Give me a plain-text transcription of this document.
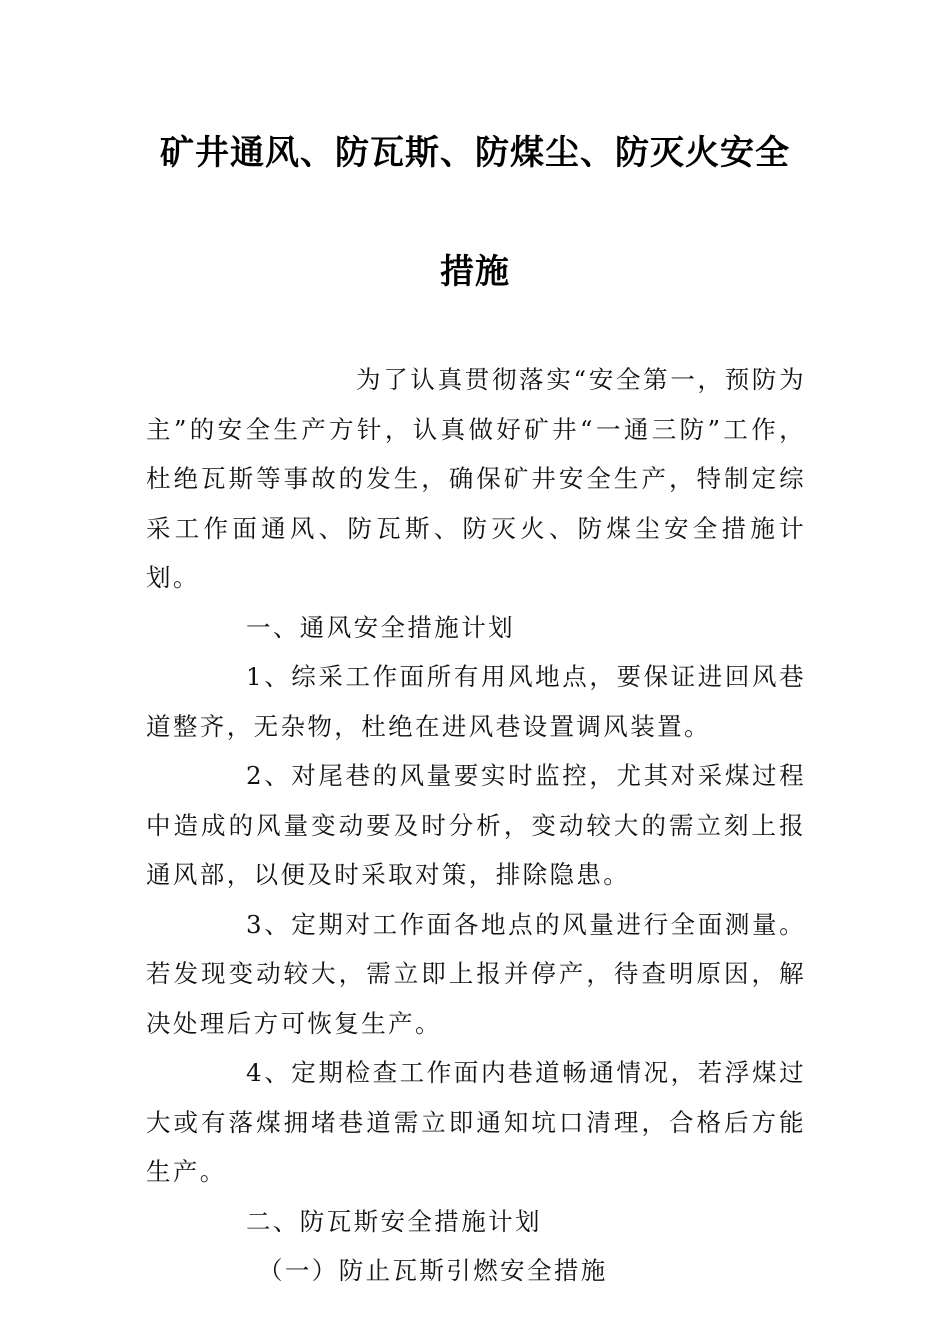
矿井通风、防瓦斯、防煤尘、防灭火安全
措施

为了认真贯彻落实“安全第一，预防为主”的安全生产方针，认真做好矿井“一通三防”工作，杜绝瓦斯等事故的发生，确保矿井安全生产，特制定综采工作面通风、防瓦斯、防灭火、防煤尘安全措施计划。

一、通风安全措施计划

1、综采工作面所有用风地点，要保证进回风巷道整齐，无杂物，杜绝在进风巷设置调风装置。

2、对尾巷的风量要实时监控，尤其对采煤过程中造成的风量变动要及时分析，变动较大的需立刻上报通风部，以便及时采取对策，排除隐患。

3、定期对工作面各地点的风量进行全面测量。若发现变动较大，需立即上报并停产，待查明原因，解决处理后方可恢复生产。

4、定期检查工作面内巷道畅通情况，若浮煤过大或有落煤拥堵巷道需立即通知坑口清理，合格后方能生产。

二、防瓦斯安全措施计划

（一）防止瓦斯引燃安全措施
